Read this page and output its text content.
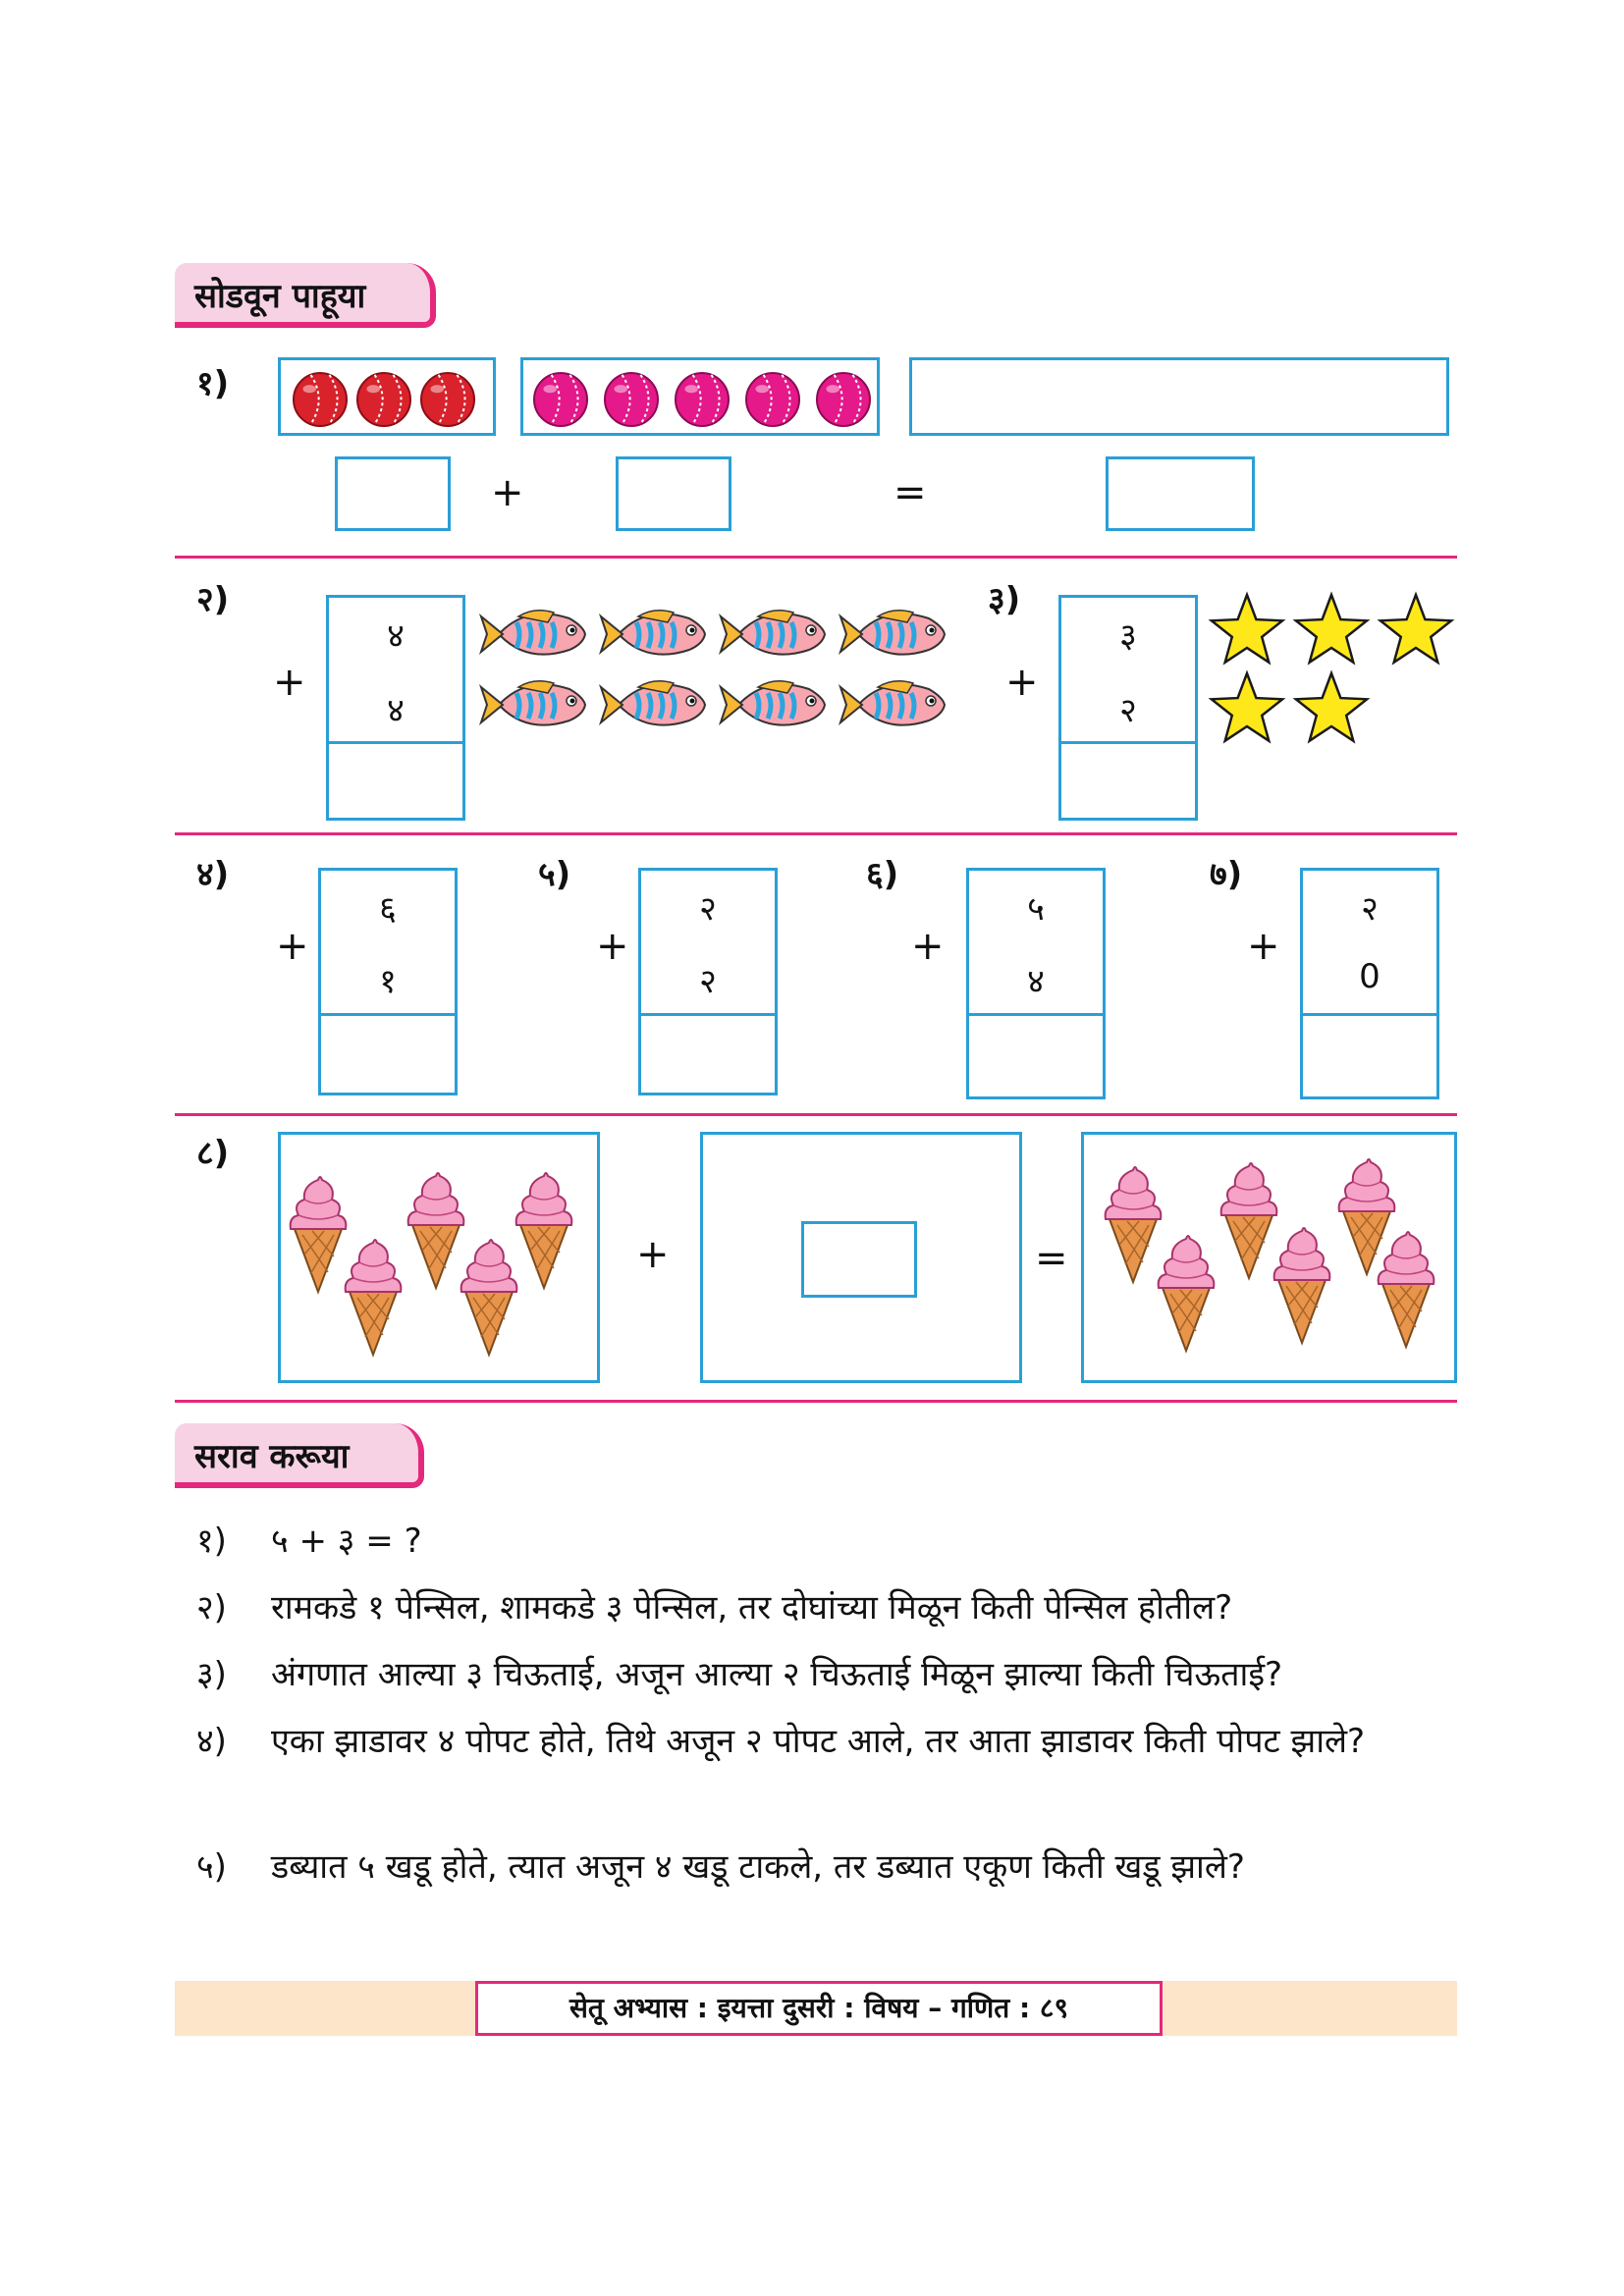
सोडवून पाहूया
१)
+	=
२)
+
४
४
३)
+
३
२
४)
+
६
१
५)
+
२
२
६)
+
५
४
७)
+
२
0
८)
+	=
सराव करूया
१) ५ + ३ = ?
२) रामकडे १ पेन्सिल, शामकडे ३ पेन्सिल, तर दोघांच्या मिळून किती पेन्सिल होतील?
३) अंगणात आल्या ३ चिऊताई, अजून आल्या २ चिऊताई मिळून झाल्या किती चिऊताई?
४) एका झाडावर ४ पोपट होते, तिथे अजून २ पोपट आले, तर आता झाडावर किती पोपट झाले?
५) डब्यात ५ खडू होते, त्यात अजून ४ खडू टाकले, तर डब्यात एकूण किती खडू झाले?
सेतू अभ्यास : इयत्ता दुसरी : विषय – गणित : ८९
